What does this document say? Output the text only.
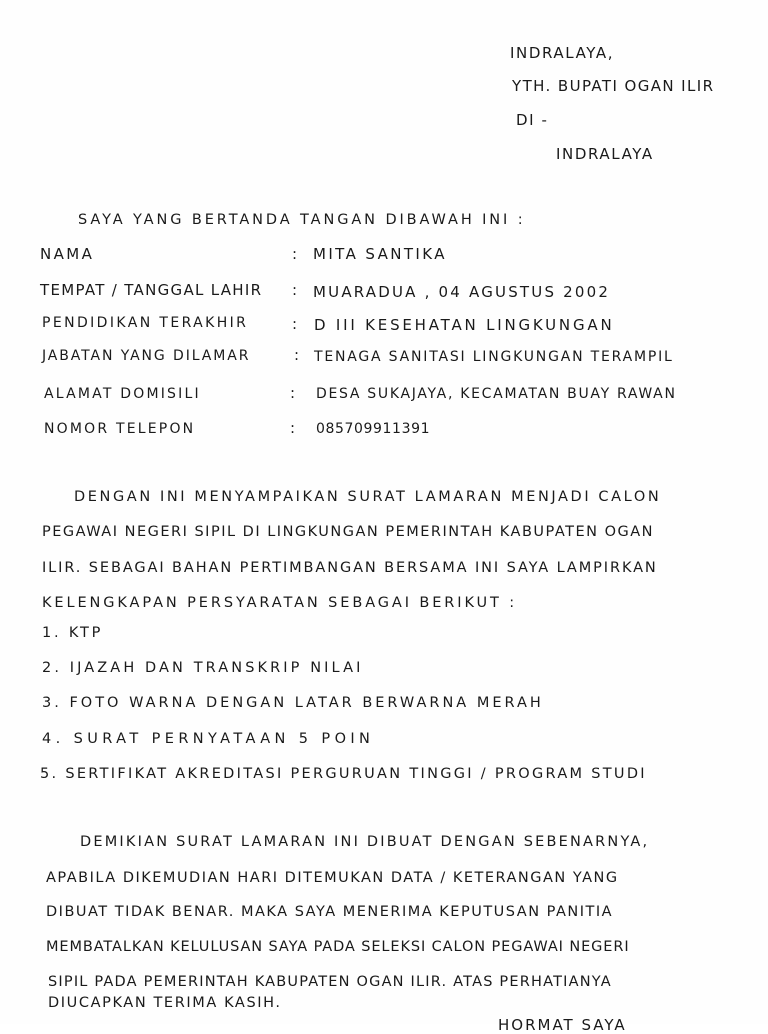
INDRALAYA,
YTH. BUPATI OGAN ILIR
DI -
INDRALAYA
SAYA YANG BERTANDA TANGAN DIBAWAH INI :
NAMA	: MITA SANTIKA
TEMPAT / TANGGAL LAHIR : MUARADUA , 04 AGUSTUS 2002
PENDIDIKAN TERAKHIR	: D III KESEHATAN LINGKUNGAN
JABATAN YANG DILAMAR	: TENAGA SANITASI LINGKUNGAN TERAMPIL
ALAMAT DOMISILI	: DESA SUKAJAYA, KECAMATAN BUAY RAWAN
NOMOR TELEPON	: 085709911391
DENGAN INI MENYAMPAIKAN SURAT LAMARAN MENJADI CALON
PEGAWAI NEGERI SIPIL DI LINGKUNGAN PEMERINTAH KABUPATEN OGAN
ILIR. SEBAGAI BAHAN PERTIMBANGAN BERSAMA INI SAYA LAMPIRKAN
KELENGKAPAN PERSYARATAN SEBAGAI BERIKUT :
1. KTP
2. IJAZAH DAN TRANSKRIP NILAI
3. FOTO WARNA DENGAN LATAR BERWARNA MERAH
4. SURAT PERNYATAAN 5 POIN
5. SERTIFIKAT AKREDITASI PERGURUAN TINGGI / PROGRAM STUDI
DEMIKIAN SURAT LAMARAN INI DIBUAT DENGAN SEBENARNYA,
APABILA DIKEMUDIAN HARI DITEMUKAN DATA / KETERANGAN YANG
DIBUAT TIDAK BENAR. MAKA SAYA MENERIMA KEPUTUSAN PANITIA
MEMBATALKAN KELULUSAN SAYA PADA SELEKSI CALON PEGAWAI NEGERI
SIPIL PADA PEMERINTAH KABUPATEN OGAN ILIR. ATAS PERHATIANYA
DIUCAPKAN TERIMA KASIH.
HORMAT SAYA
